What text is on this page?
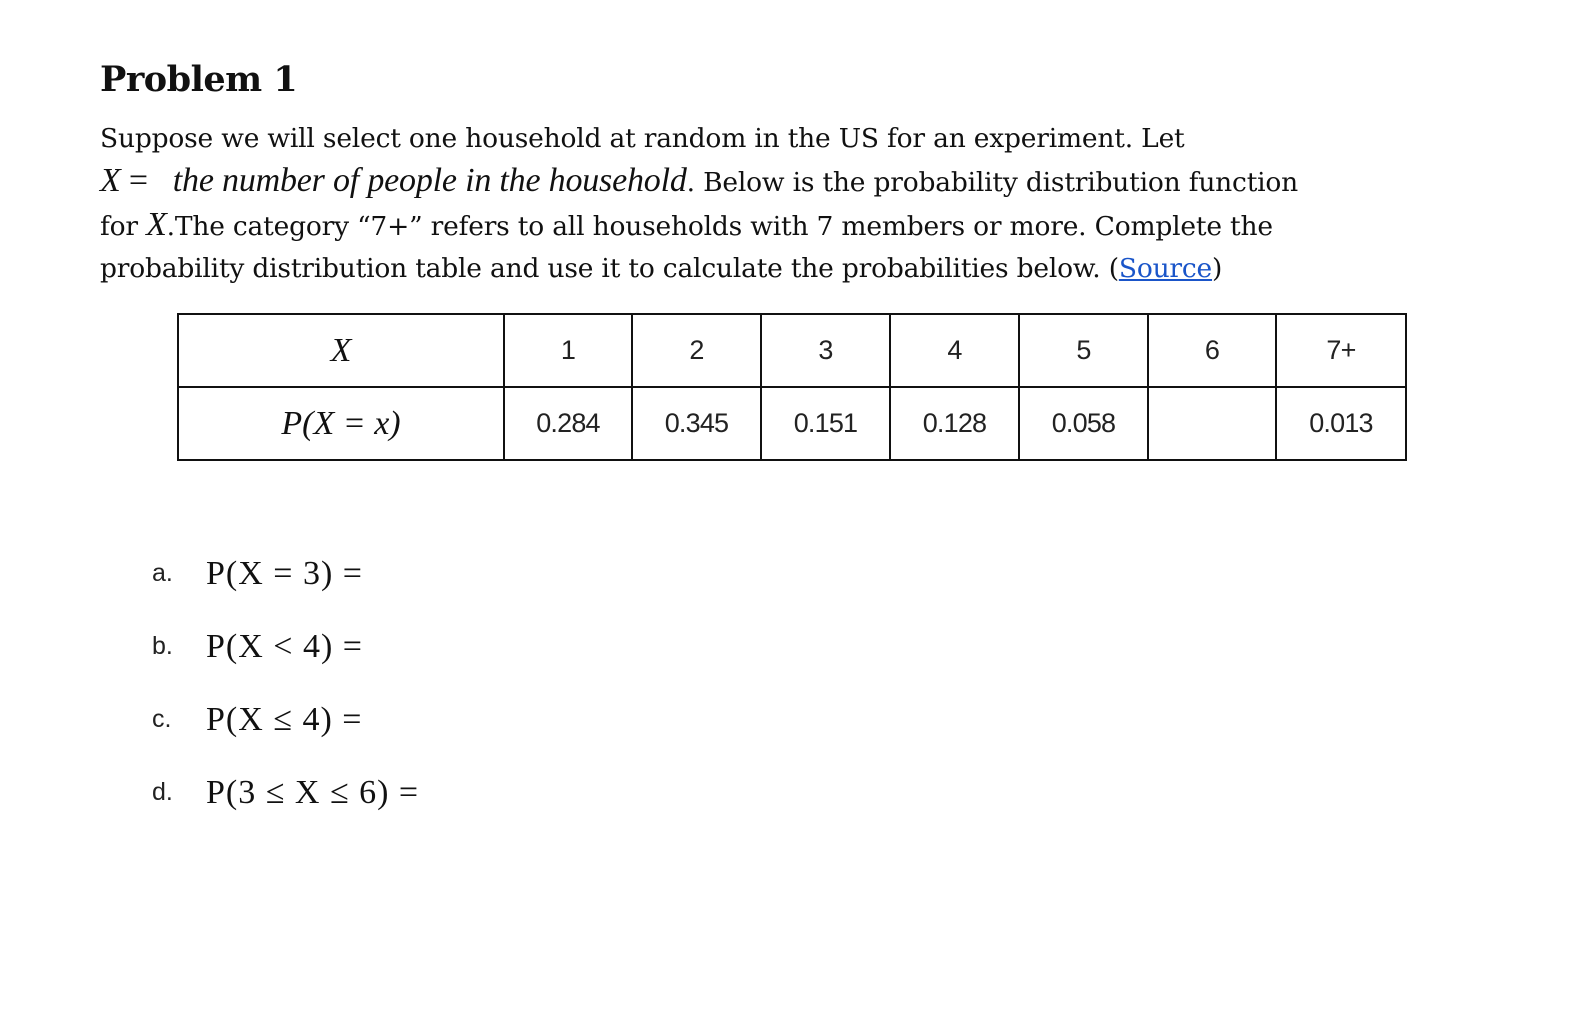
Problem 1
Suppose we will select one household at random in the US for an experiment. Let
X = the number of people in the household. Below is the probability distribution function
for X.The category “7+” refers to all households with 7 members or more. Complete the
probability distribution table and use it to calculate the probabilities below. (Source)
X	1	2	3	4	5	6	7+
P(X = x)	0.284	0.345	0.151	0.128	0.058		0.013
a. P(X = 3) =
b. P(X < 4) =
c.	P(X ≤ 4) =
d. P(3 ≤ X ≤ 6) =
